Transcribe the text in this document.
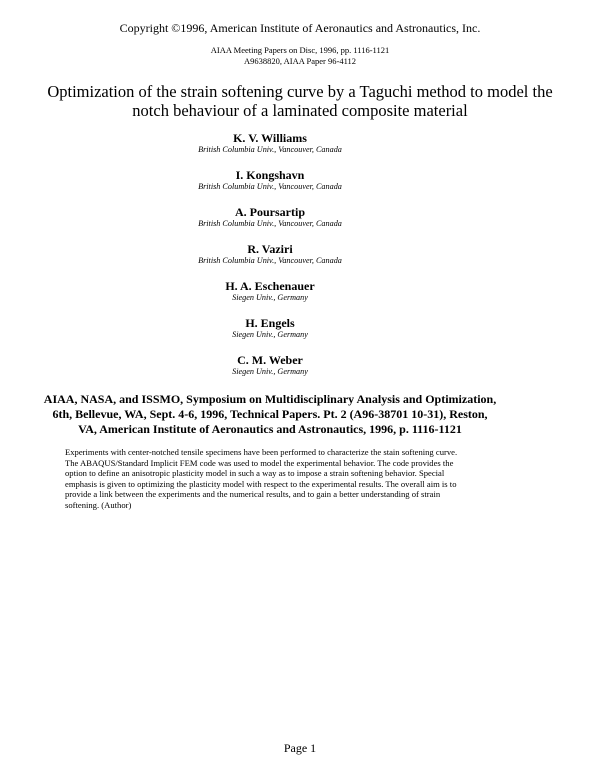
Copyright ©1996, American Institute of Aeronautics and Astronautics, Inc.
AIAA Meeting Papers on Disc, 1996, pp. 1116-1121
A9638820, AIAA Paper 96-4112
Optimization of the strain softening curve by a Taguchi method to model the
notch behaviour of a laminated composite material
K. V. Williams
British Columbia Univ., Vancouver, Canada
I. Kongshavn
British Columbia Univ., Vancouver, Canada
A. Poursartip
British Columbia Univ., Vancouver, Canada
R. Vaziri
British Columbia Univ., Vancouver, Canada
H. A. Eschenauer
Siegen Univ., Germany
H. Engels
Siegen Univ., Germany
C. M. Weber
Siegen Univ., Germany
AIAA, NASA, and ISSMO, Symposium on Multidisciplinary Analysis and Optimization,
6th, Bellevue, WA, Sept. 4-6, 1996, Technical Papers. Pt. 2 (A96-38701 10-31), Reston,
VA, American Institute of Aeronautics and Astronautics, 1996, p. 1116-1121
Experiments with center-notched tensile specimens have been performed to characterize the stain softening curve.
The ABAQUS/Standard Implicit FEM code was used to model the experimental behavior. The code provides the
option to define an anisotropic plasticity model in such a way as to impose a strain softening behavior. Special
emphasis is given to optimizing the plasticity model with respect to the experimental results. The overall aim is to
provide a link between the experiments and the numerical results, and to gain a better understanding of strain
softening. (Author)
Page 1
